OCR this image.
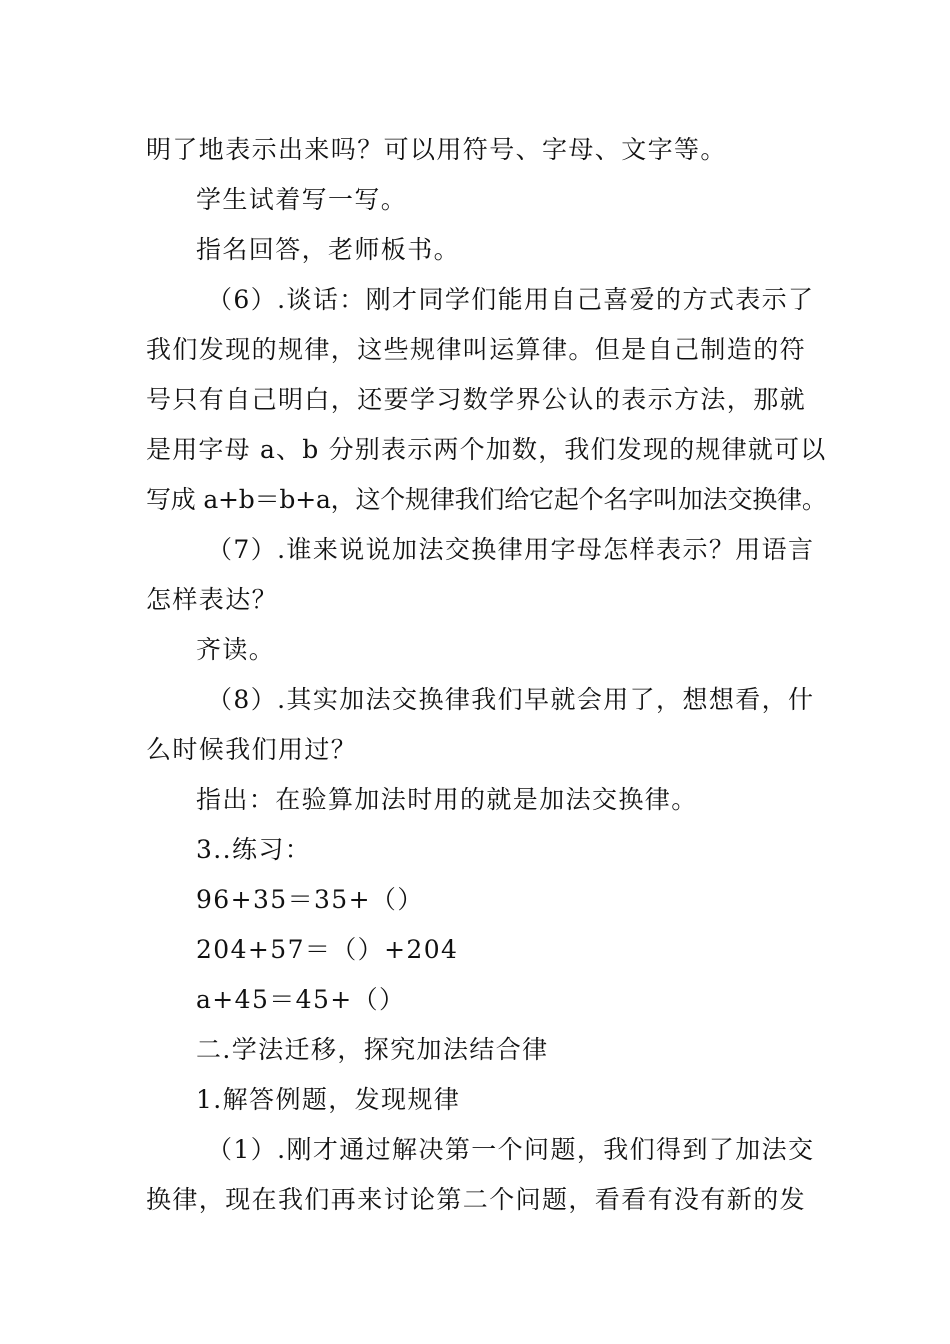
明了地表示出来吗？可以用符号、字母、文字等。
学生试着写一写。
指名回答，老师板书。
（6）.谈话：刚才同学们能用自己喜爱的方式表示了
我们发现的规律，这些规律叫运算律。但是自己制造的符
号只有自己明白，还要学习数学界公认的表示方法，那就
是用字母 a、b 分别表示两个加数，我们发现的规律就可以
写成 a+b＝b+a，这个规律我们给它起个名字叫加法交换律。
（7）.谁来说说加法交换律用字母怎样表示？用语言
怎样表达？
齐读。
（8）.其实加法交换律我们早就会用了，想想看，什
么时候我们用过？
指出：在验算加法时用的就是加法交换律。
3..练习：
96+35＝35+（）
204+57＝（）+204
a+45＝45+（）
二.学法迁移，探究加法结合律
1.解答例题，发现规律
（1）.刚才通过解决第一个问题，我们得到了加法交
换律，现在我们再来讨论第二个问题，看看有没有新的发
